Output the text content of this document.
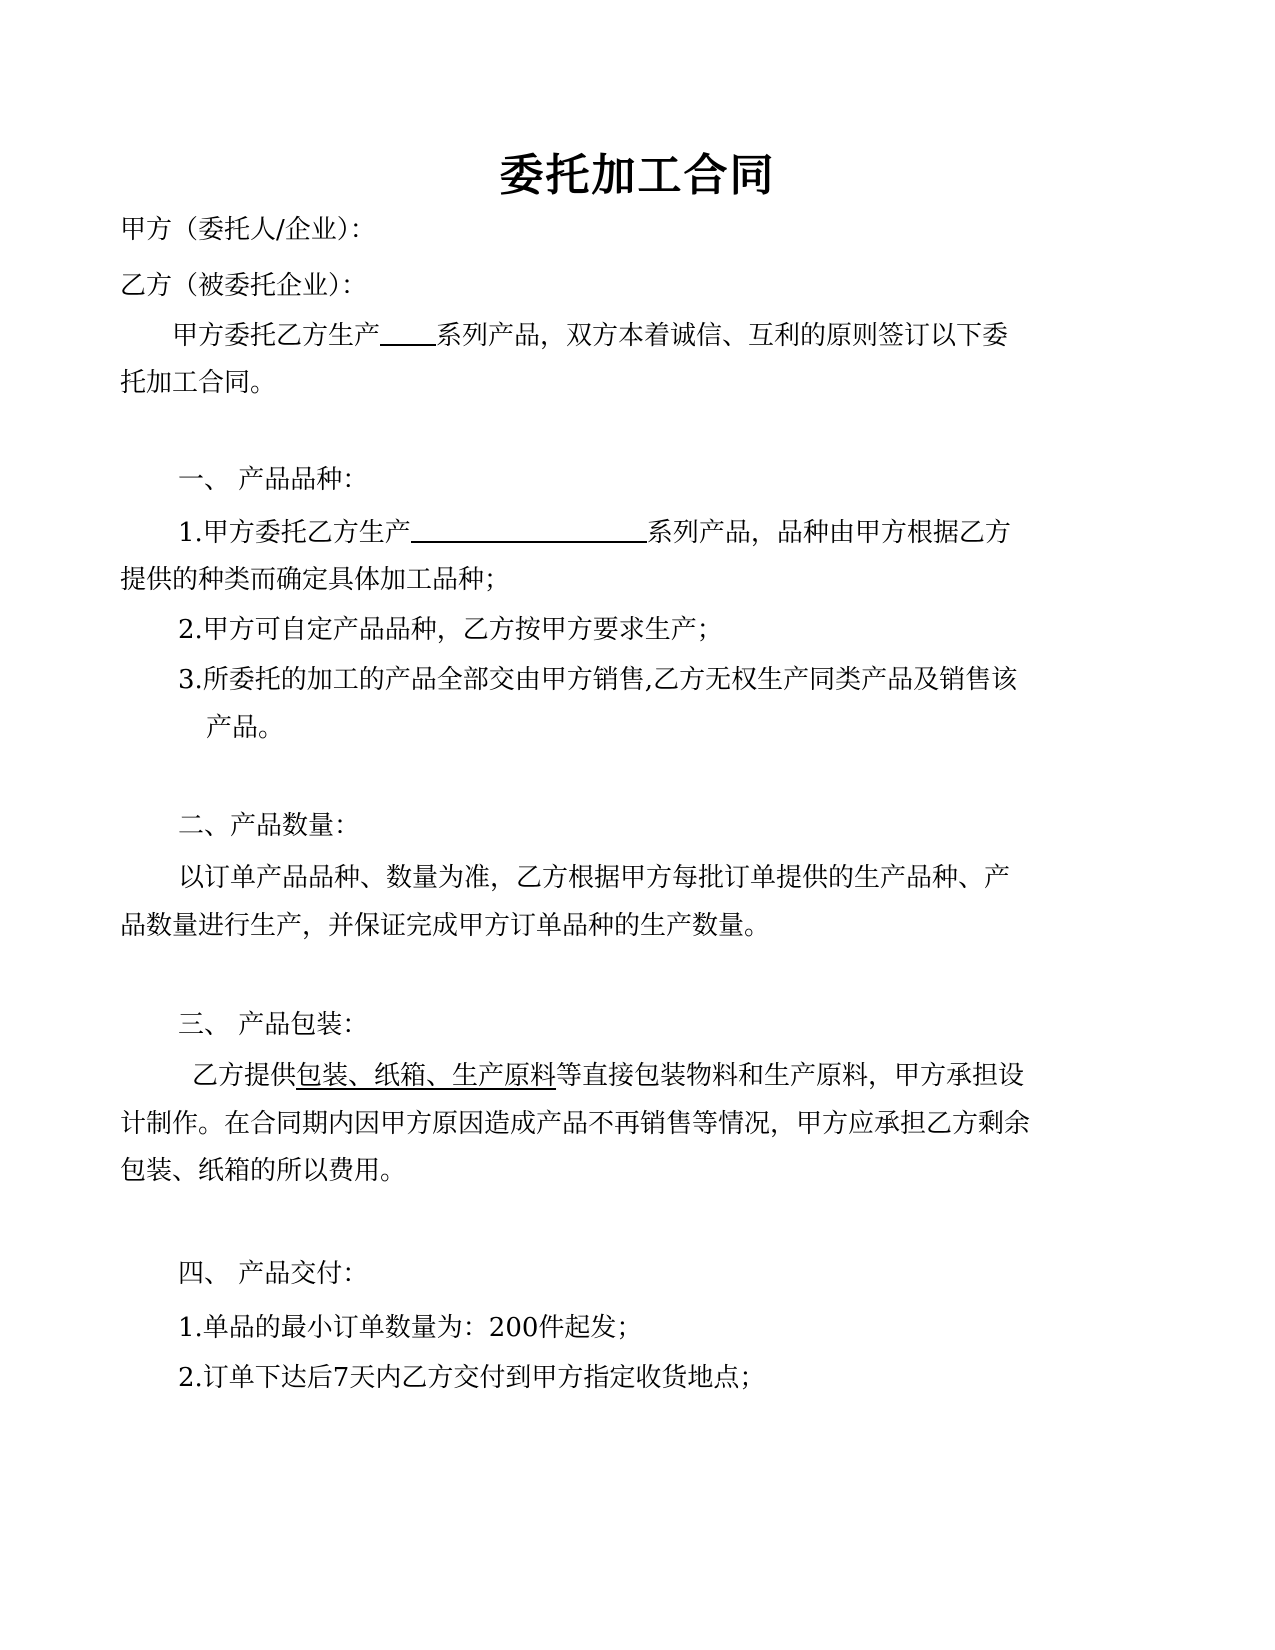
委托加工合同
甲方（委托人/企业）：
乙方（被委托企业）：
甲方委托乙方生产 系列产品，双方本着诚信、互利的原则签订以下委
托加工合同。
一、 产品品种：
1.甲方委托乙方生产	系列产品，品种由甲方根据乙方
提供的种类而确定具体加工品种；
2.甲方可自定产品品种，乙方按甲方要求生产；
3.所委托的加工的产品全部交由甲方销售,乙方无权生产同类产品及销售该
产品。
二、产品数量：
以订单产品品种、数量为准，乙方根据甲方每批订单提供的生产品种、产
品数量进行生产，并保证完成甲方订单品种的生产数量。
三、 产品包装：
乙方提供包装、纸箱、生产原料等直接包装物料和生产原料，甲方承担设
计制作。在合同期内因甲方原因造成产品不再销售等情况，甲方应承担乙方剩余
包装、纸箱的所以费用。
四、 产品交付：
1.单品的最小订单数量为：200件起发；
2.订单下达后7天内乙方交付到甲方指定收货地点；
